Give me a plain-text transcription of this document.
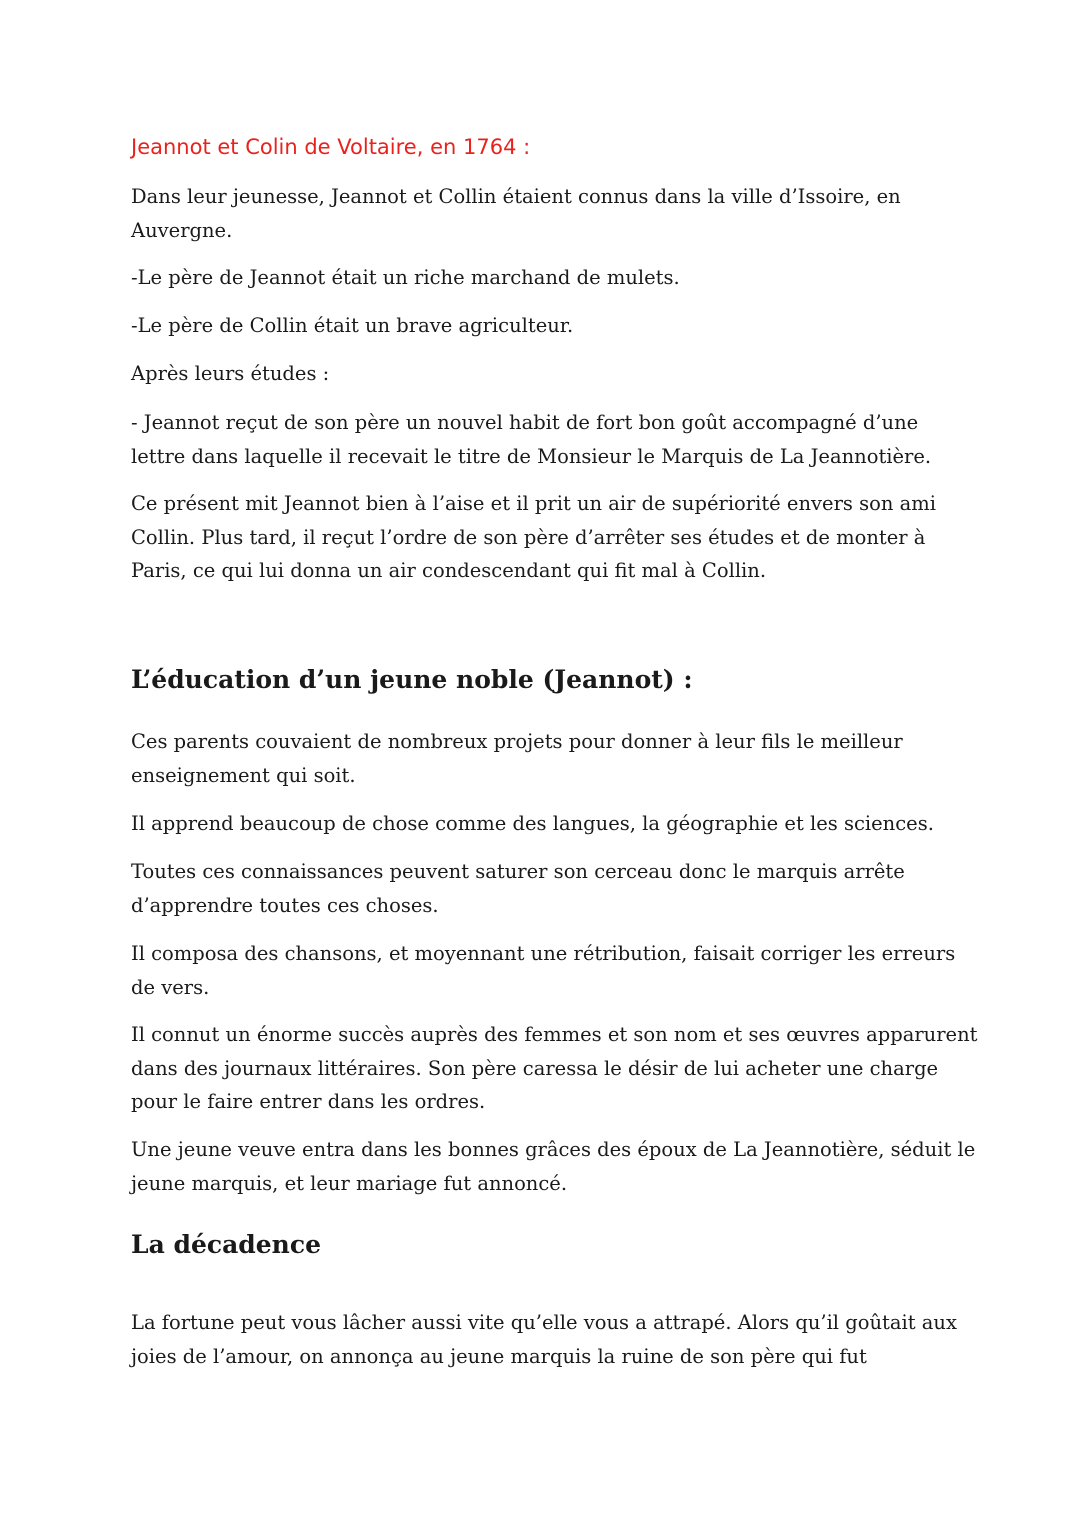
Jeannot et Colin de Voltaire, en 1764 :

Dans leur jeunesse, Jeannot et Collin étaient connus dans la ville d’Issoire, en
Auvergne.

-Le père de Jeannot était un riche marchand de mulets.

-Le père de Collin était un brave agriculteur.

Après leurs études :

- Jeannot reçut de son père un nouvel habit de fort bon goût accompagné d’une
lettre dans laquelle il recevait le titre de Monsieur le Marquis de La Jeannotière.

Ce présent mit Jeannot bien à l’aise et il prit un air de supériorité envers son ami
Collin. Plus tard, il reçut l’ordre de son père d’arrêter ses études et de monter à
Paris, ce qui lui donna un air condescendant qui fit mal à Collin.

L’éducation d’un jeune noble (Jeannot) :

Ces parents couvaient de nombreux projets pour donner à leur fils le meilleur
enseignement qui soit.

Il apprend beaucoup de chose comme des langues, la géographie et les sciences.

Toutes ces connaissances peuvent saturer son cerceau donc le marquis arrête
d’apprendre toutes ces choses.

Il composa des chansons, et moyennant une rétribution, faisait corriger les erreurs
de vers.

Il connut un énorme succès auprès des femmes et son nom et ses œuvres apparurent
dans des journaux littéraires. Son père caressa le désir de lui acheter une charge
pour le faire entrer dans les ordres.

Une jeune veuve entra dans les bonnes grâces des époux de La Jeannotière, séduit le
jeune marquis, et leur mariage fut annoncé.

La décadence

La fortune peut vous lâcher aussi vite qu’elle vous a attrapé. Alors qu’il goûtait aux
joies de l’amour, on annonça au jeune marquis la ruine de son père qui fut
